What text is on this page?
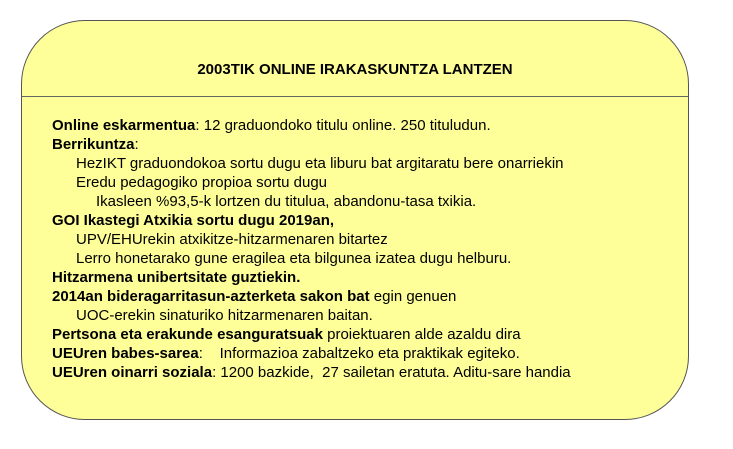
2003TIK ONLINE IRAKASKUNTZA LANTZEN
Online eskarmentua: 12 graduondoko titulu online. 250 tituludun.
Berrikuntza:
HezIKT graduondokoa sortu dugu eta liburu bat argitaratu bere onarriekin
Eredu pedagogiko propioa sortu dugu
Ikasleen %93,5-k lortzen du titulua, abandonu-tasa txikia.
GOI Ikastegi Atxikia sortu dugu 2019an,
UPV/EHUrekin atxikitze-hitzarmenaren bitartez
Lerro honetarako gune eragilea eta bilgunea izatea dugu helburu.
Hitzarmena unibertsitate guztiekin.
2014an bideragarritasun-azterketa sakon bat egin genuen
UOC-erekin sinaturiko hitzarmenaren baitan.
Pertsona eta erakunde esanguratsuak proiektuaren alde azaldu dira
UEUren babes-sarea:    Informazioa zabaltzeko eta praktikak egiteko.
UEUren oinarri soziala: 1200 bazkide,  27 sailetan eratuta. Aditu-sare handia
